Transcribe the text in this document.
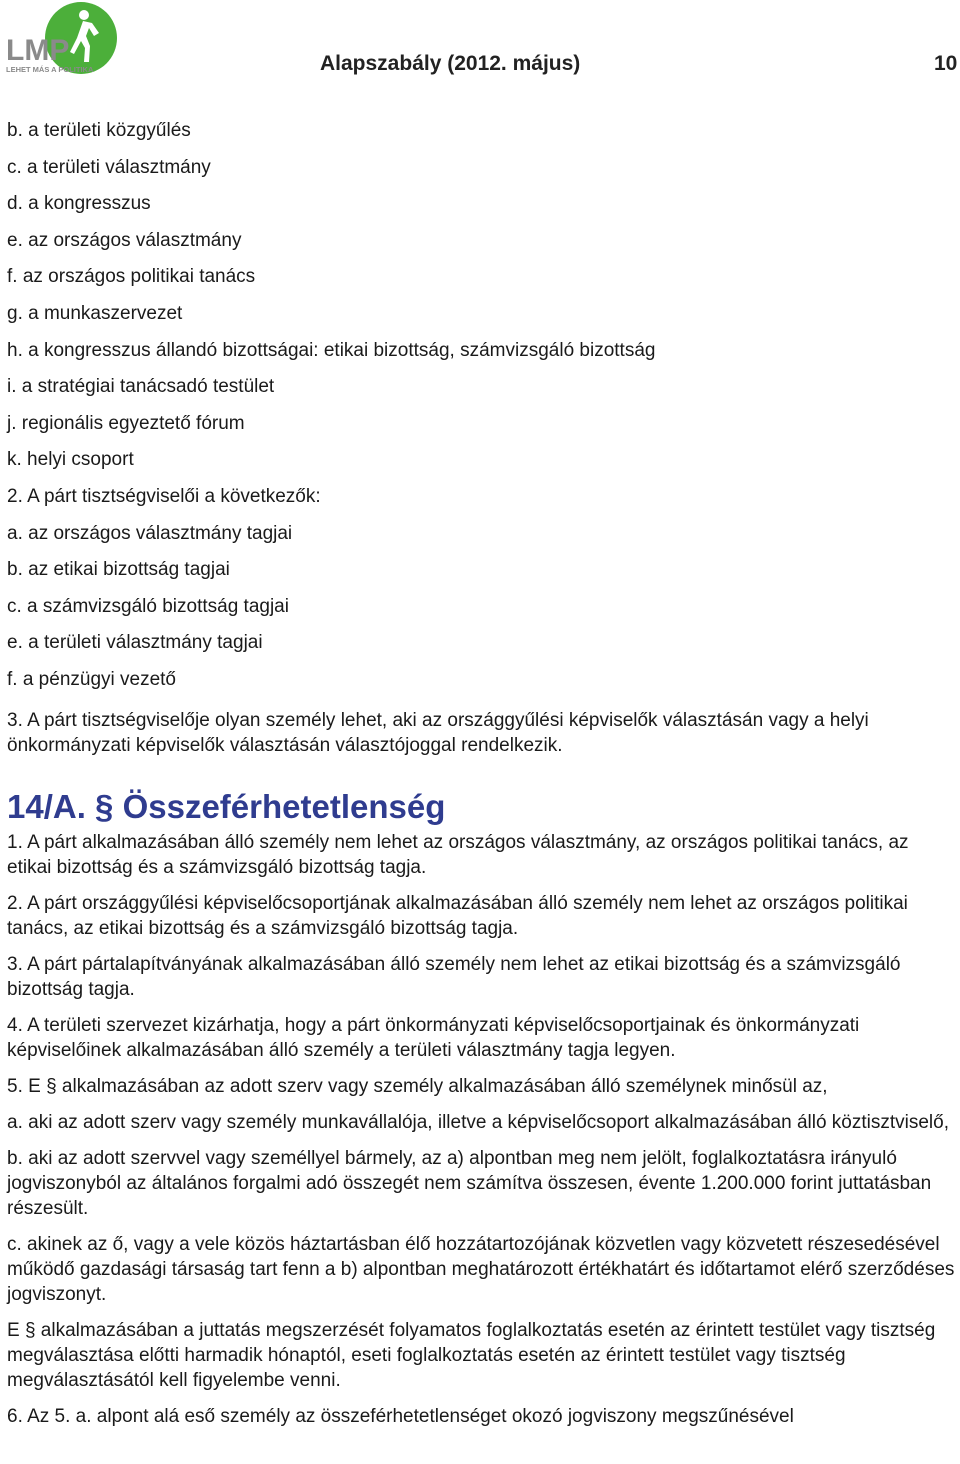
LMP
LEHET MÁS A POLITIKA	Alapszabály (2012. május)	10

b. a területi közgyűlés

c. a területi választmány

d. a kongresszus

e. az országos választmány

f. az országos politikai tanács

g. a munkaszervezet

h. a kongresszus állandó bizottságai: etikai bizottság, számvizsgáló bizottság

i. a stratégiai tanácsadó testület

j. regionális egyeztető fórum

k. helyi csoport

2. A párt tisztségviselői a következők:

a. az országos választmány tagjai

b. az etikai bizottság tagjai

c. a számvizsgáló bizottság tagjai

e. a területi választmány tagjai

f. a pénzügyi vezető

3. A párt tisztségviselője olyan személy lehet, aki az országgyűlési képviselők választásán vagy a helyi önkormányzati képviselők választásán választójoggal rendelkezik.

14/A. § Összeférhetetlenség

1. A párt alkalmazásában álló személy nem lehet az országos választmány, az országos politikai tanács, az etikai bizottság és a számvizsgáló bizottság tagja.

2. A párt országgyűlési képviselőcsoportjának alkalmazásában álló személy nem lehet az országos politikai tanács, az etikai bizottság és a számvizsgáló bizottság tagja.

3. A párt pártalapítványának alkalmazásában álló személy nem lehet az etikai bizottság és a számvizsgáló bizottság tagja.

4. A területi szervezet kizárhatja, hogy a párt önkormányzati képviselőcsoportjainak és önkormányzati képviselőinek alkalmazásában álló személy a területi választmány tagja legyen.

5. E § alkalmazásában az adott szerv vagy személy alkalmazásában álló személynek minősül az,

a. aki az adott szerv vagy személy munkavállalója, illetve a képviselőcsoport alkalmazásában álló köztisztviselő,

b. aki az adott szervvel vagy személlyel bármely, az a) alpontban meg nem jelölt, foglalkoztatásra irányuló jogviszonyból az általános forgalmi adó összegét nem számítva összesen, évente 1.200.000 forint juttatásban részesült.

c. akinek az ő, vagy a vele közös háztartásban élő hozzátartozójának közvetlen vagy közvetett részesedésével működő gazdasági társaság tart fenn a b) alpontban meghatározott értékhatárt és időtartamot elérő szerződéses jogviszonyt.

E § alkalmazásában a juttatás megszerzését folyamatos foglalkoztatás esetén az érintett testület vagy tisztség megválasztása előtti harmadik hónaptól, eseti foglalkoztatás esetén az érintett testület vagy tisztség megválasztásától kell figyelembe venni.

6. Az 5. a. alpont alá eső személy az összeférhetetlenséget okozó jogviszony megszűnésével
